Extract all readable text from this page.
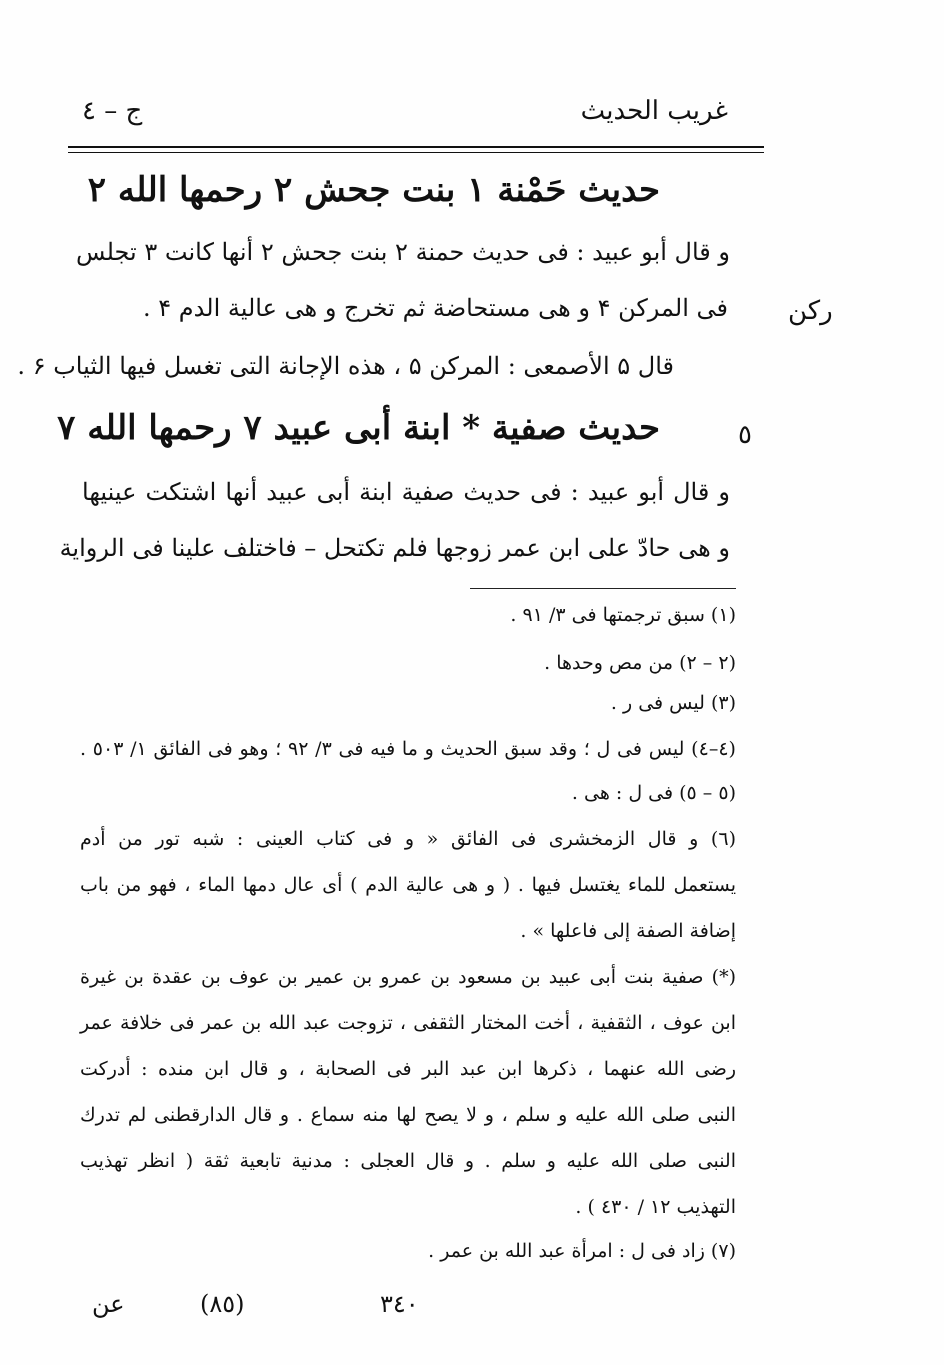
غريب الحديث
ج – ٤
حديث حَمْنة ۱ بنت جحش ۲ رحمها الله ۲
و قال أبو عبيد : فى حديث حمنة ۲ بنت جحش ۲ أنها كانت ۳ تجلس
فى المركن ۴ و هى مستحاضة ثم تخرج و هى عالية الدم ۴ . ركن
قال ۵ الأصمعى : المركن ۵ ، هذه الإجانة التى تغسل فيها الثياب ۶ .
حديث صفية * ابنة أبى عبيد ۷ رحمها الله ۷	٥
و قال أبو عبيد : فى حديث صفية ابنة أبى عبيد أنها اشتكت عينيها
و هى حادّ على ابن عمر زوجها فلم تكتحل – فاختلف علينا فى الرواية
(١) سبق ترجمتها فى ٣/ ٩١ .
(٢ – ٢) من مص وحدها .
(٣) ليس فى ر .
(٤–٤) ليس فى ل ؛ وقد سبق الحديث و ما فيه فى ٣/ ٩٢ ؛ وهو فى الفائق ١/ ٥٠٣ .
(٥ – ٥) فى ل : هى .
(٦) و قال الزمخشرى فى الفائق « و فى كتاب العينى : شبه تور من أدم
يستعمل للماء يغتسل فيها . ( و هى عالية الدم ) أى عال دمها الماء ، فهو من باب
إضافة الصفة إلى فاعلها » .
(*) صفية بنت أبى عبيد بن مسعود بن عمرو بن عمير بن عوف بن عقدة بن غيرة
ابن عوف ، الثقفية ، أخت المختار الثقفى ، تزوجت عبد الله بن عمر فى خلافة عمر
رضى الله عنهما ، ذكرها ابن عبد البر فى الصحابة ، و قال ابن منده : أدركت
النبى صلى الله عليه و سلم ، و لا يصح لها منه سماع . و قال الدارقطنى لم تدرك
النبى صلى الله عليه و سلم . و قال العجلى : مدنية تابعية ثقة ( انظر تهذيب
التهذيب ١٢ / ٤٣٠ ) .
(٧) زاد فى ل : امرأة عبد الله بن عمر .
٣٤٠
(٨٥)
عن
